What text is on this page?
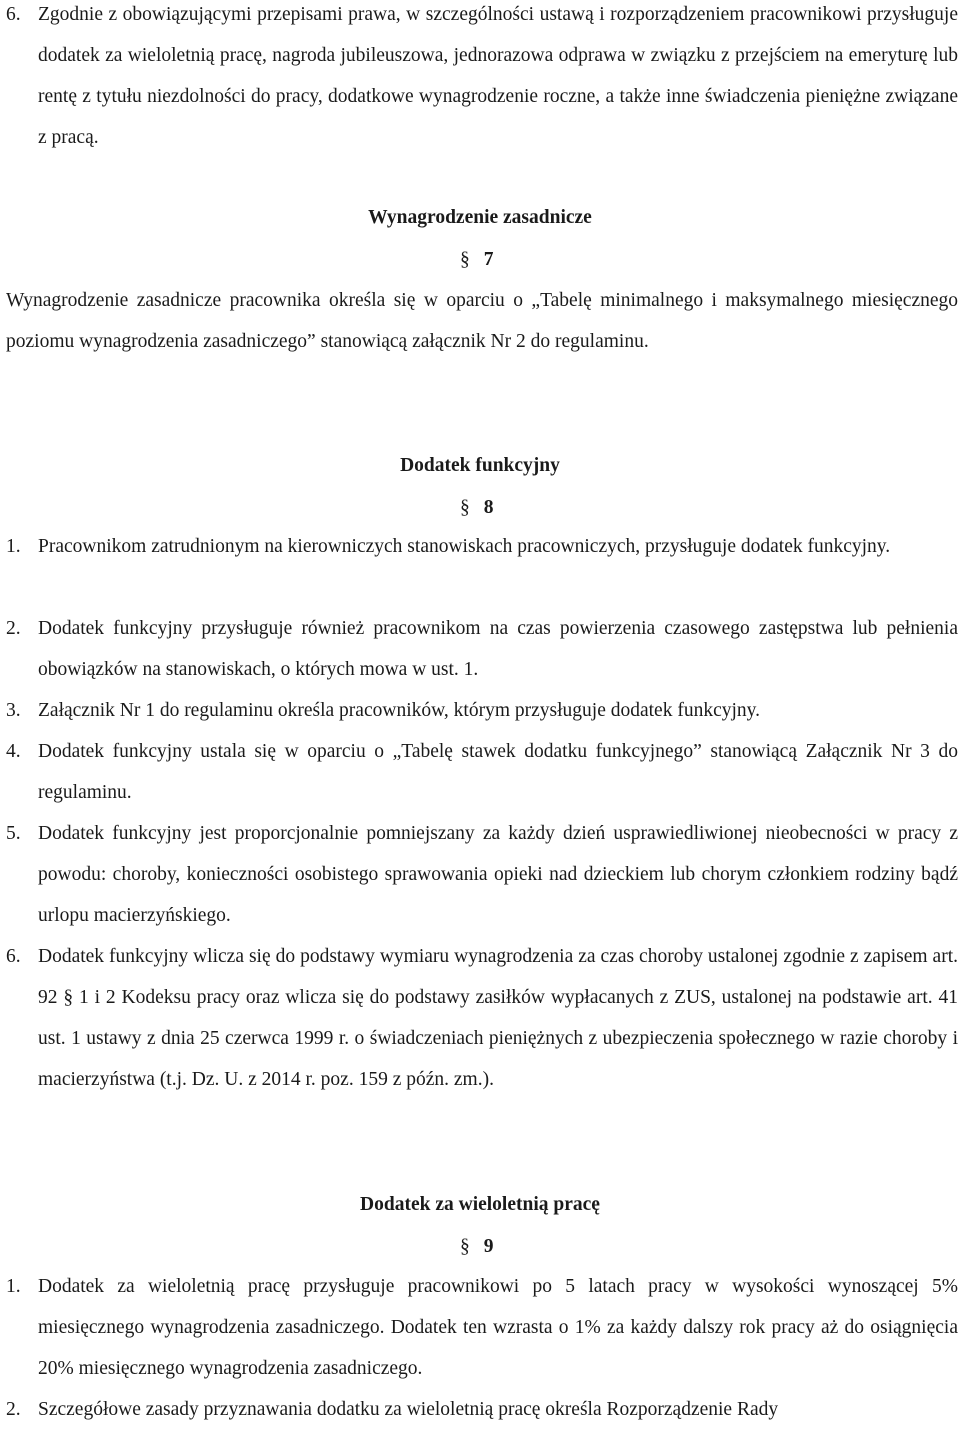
6. Zgodnie z obowiązującymi przepisami prawa, w szczególności ustawą i rozporządzeniem pracownikowi przysługuje dodatek za wieloletnią pracę, nagroda jubileuszowa, jednorazowa odprawa w związku z przejściem na emeryturę lub rentę z tytułu niezdolności do pracy, dodatkowe wynagrodzenie roczne, a także inne świadczenia pieniężne związane z pracą.
Wynagrodzenie zasadnicze
§ 7
Wynagrodzenie zasadnicze pracownika określa się w oparciu o „Tabelę minimalnego i maksymalnego miesięcznego poziomu wynagrodzenia zasadniczego” stanowiącą załącznik Nr 2 do regulaminu.
Dodatek funkcyjny
§ 8
1. Pracownikom zatrudnionym na kierowniczych stanowiskach pracowniczych, przysługuje dodatek funkcyjny.
2. Dodatek funkcyjny przysługuje również pracownikom na czas powierzenia czasowego zastępstwa lub pełnienia obowiązków na stanowiskach, o których mowa w ust. 1.
3. Załącznik Nr 1 do regulaminu określa pracowników, którym przysługuje dodatek funkcyjny.
4. Dodatek funkcyjny ustala się w oparciu o „Tabelę stawek dodatku funkcyjnego” stanowiącą Załącznik Nr 3 do regulaminu.
5. Dodatek funkcyjny jest proporcjonalnie pomniejszany za każdy dzień usprawiedliwionej nieobecności w pracy z powodu: choroby, konieczności osobistego sprawowania opieki nad dzieckiem lub chorym członkiem rodziny bądź urlopu macierzyńskiego.
6. Dodatek funkcyjny wlicza się do podstawy wymiaru wynagrodzenia za czas choroby ustalonej zgodnie z zapisem art. 92 § 1 i 2 Kodeksu pracy oraz wlicza się do podstawy zasiłków wypłacanych z ZUS, ustalonej na podstawie art. 41 ust. 1 ustawy z dnia 25 czerwca 1999 r. o świadczeniach pieniężnych z ubezpieczenia społecznego w razie choroby i macierzyństwa (t.j. Dz. U. z 2014 r. poz. 159 z późn. zm.).
Dodatek za wieloletnią pracę
§ 9
1. Dodatek za wieloletnią pracę przysługuje pracownikowi po 5 latach pracy w wysokości wynoszącej 5% miesięcznego wynagrodzenia zasadniczego. Dodatek ten wzrasta o 1% za każdy dalszy rok pracy aż do osiągnięcia 20% miesięcznego wynagrodzenia zasadniczego.
2. Szczegółowe zasady przyznawania dodatku za wieloletnią pracę określa Rozporządzenie Rady
